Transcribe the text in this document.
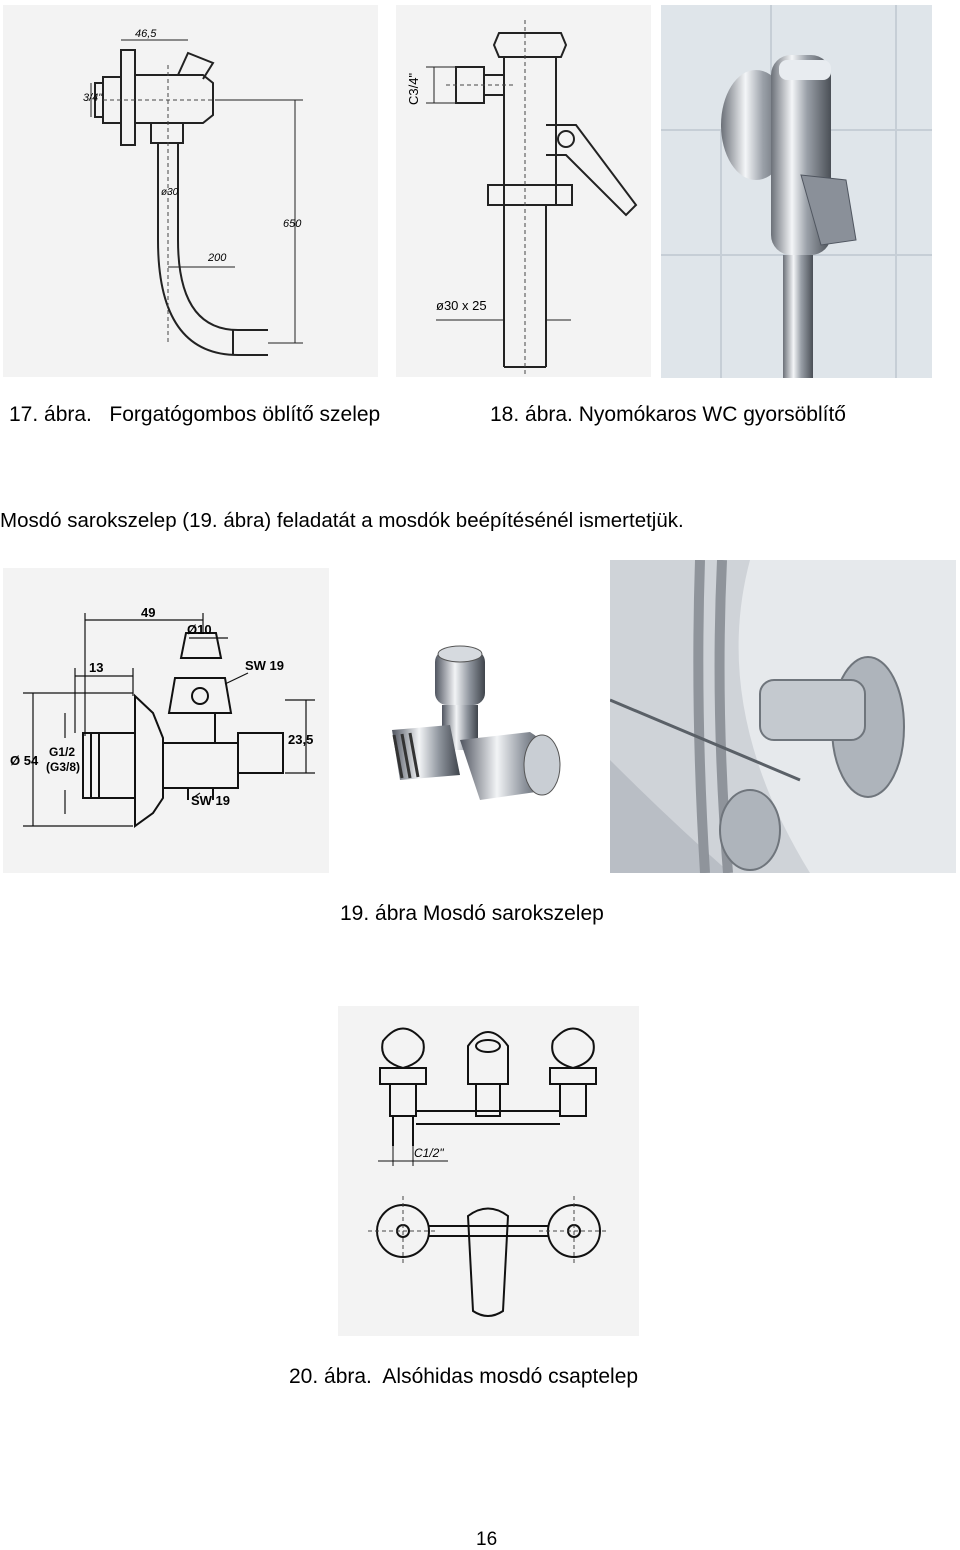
46,5
3/4"
ø30
200
650
C3/4"
ø30 x 25
17. ábra.   Forgatógombos öblítő szelep	18. ábra. Nyomókaros WC gyorsöblítő
Mosdó sarokszelep (19. ábra) feladatát a mosdók beépítésénél ismertetjük.
49
Ø10
13	SW 19
23,5
Ø 54
G1/2
(G3/8)
SW 19
19. ábra Mosdó sarokszelep
C1/2"
20. ábra.  Alsóhidas mosdó csaptelep
16
